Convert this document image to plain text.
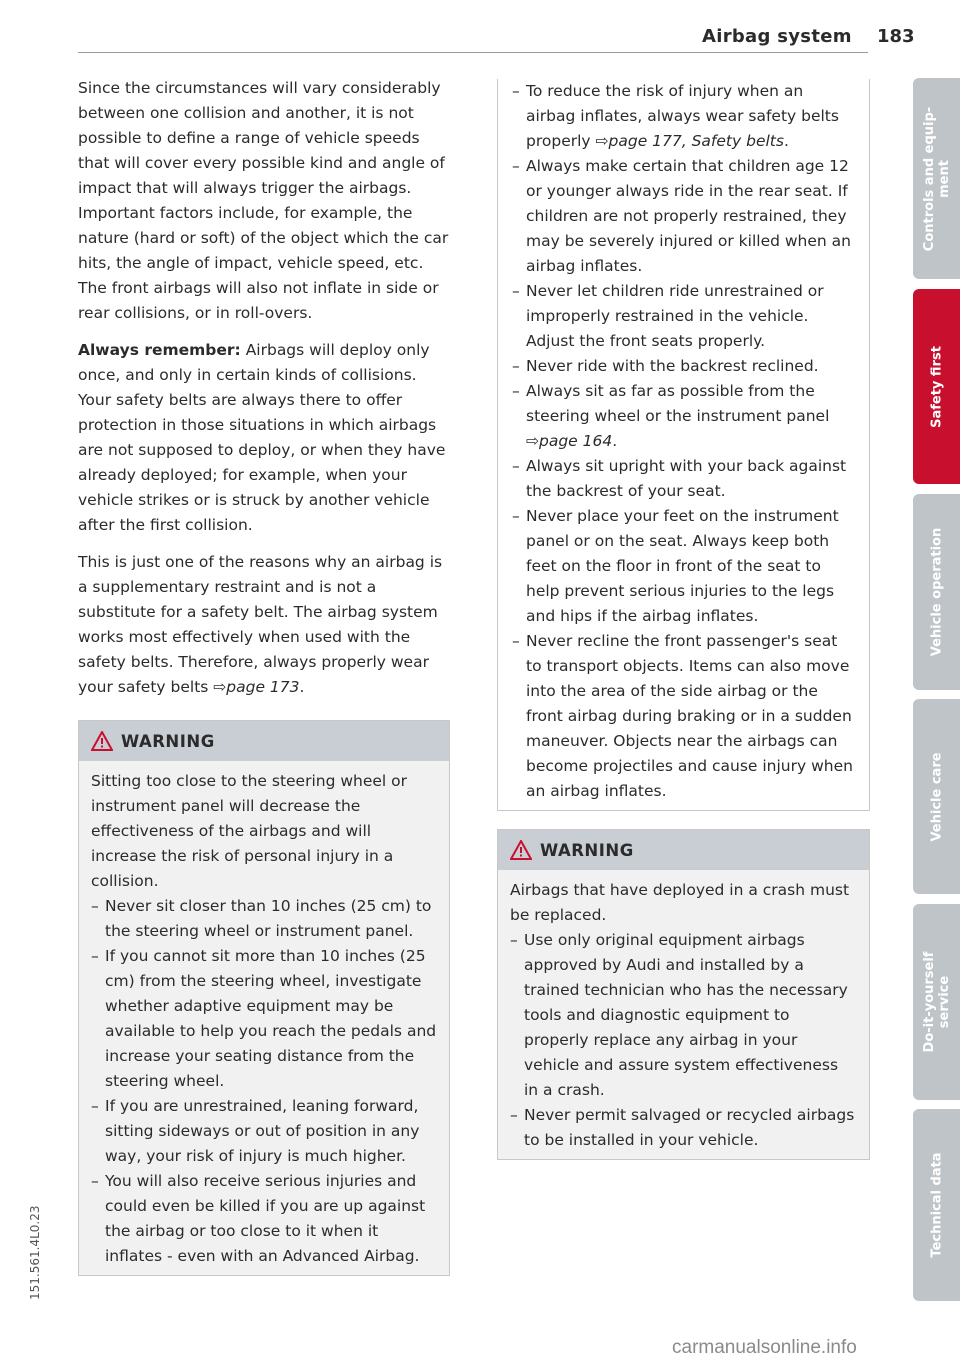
Airbag system 183

Since the circumstances will vary considerably between one collision and another, it is not possible to define a range of vehicle speeds that will cover every possible kind and angle of impact that will always trigger the airbags. Important factors include, for example, the nature (hard or soft) of the object which the car hits, the angle of impact, vehicle speed, etc. The front airbags will also not inflate in side or rear collisions, or in roll-overs.

Always remember: Airbags will deploy only once, and only in certain kinds of collisions. Your safety belts are always there to offer protection in those situations in which airbags are not supposed to deploy, or when they have already deployed; for example, when your vehicle strikes or is struck by another vehicle after the first collision.

This is just one of the reasons why an airbag is a supplementary restraint and is not a substitute for a safety belt. The airbag system works most effectively when used with the safety belts. Therefore, always properly wear your safety belts ⇨page 173.

WARNING

Sitting too close to the steering wheel or instrument panel will decrease the effectiveness of the airbags and will increase the risk of personal injury in a collision.

– Never sit closer than 10 inches (25 cm) to the steering wheel or instrument panel.
– If you cannot sit more than 10 inches (25 cm) from the steering wheel, investigate whether adaptive equipment may be available to help you reach the pedals and increase your seating distance from the steering wheel.
– If you are unrestrained, leaning forward, sitting sideways or out of position in any way, your risk of injury is much higher.
– You will also receive serious injuries and could even be killed if you are up against the airbag or too close to it when it inflates - even with an Advanced Airbag.
– To reduce the risk of injury when an airbag inflates, always wear safety belts properly ⇨page 177, Safety belts.
– Always make certain that children age 12 or younger always ride in the rear seat. If children are not properly restrained, they may be severely injured or killed when an airbag inflates.
– Never let children ride unrestrained or improperly restrained in the vehicle. Adjust the front seats properly.
– Never ride with the backrest reclined.
– Always sit as far as possible from the steering wheel or the instrument panel ⇨page 164.
– Always sit upright with your back against the backrest of your seat.
– Never place your feet on the instrument panel or on the seat. Always keep both feet on the floor in front of the seat to help prevent serious injuries to the legs and hips if the airbag inflates.
– Never recline the front passenger's seat to transport objects. Items can also move into the area of the side airbag or the front airbag during braking or in a sudden maneuver. Objects near the airbags can become projectiles and cause injury when an airbag inflates.
WARNING

Airbags that have deployed in a crash must be replaced.

– Use only original equipment airbags approved by Audi and installed by a trained technician who has the necessary tools and diagnostic equipment to properly replace any airbag in your vehicle and assure system effectiveness in a crash.
– Never permit salvaged or recycled airbags to be installed in your vehicle.
Controls and equip-
ment
Safety first
Vehicle operation
Vehicle care
Do-it-yourself
service
Technical data
151.561.4L0.23
carmanualsonline.info
